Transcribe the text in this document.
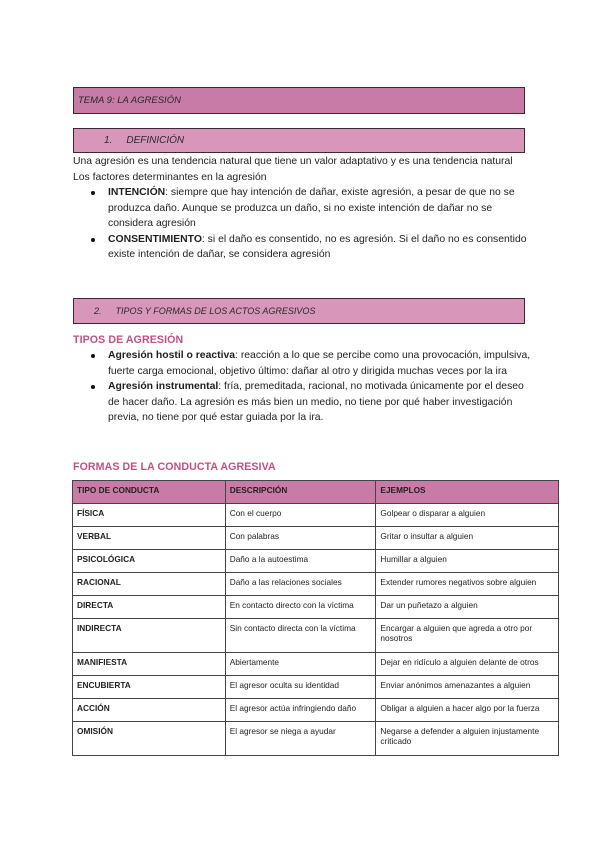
TEMA 9: LA AGRESIÓN
1. DEFINICIÓN
Una agresión es una tendencia natural que tiene un valor adaptativo y es una tendencia natural
Los factores determinantes en la agresión
INTENCIÓN: siempre que hay intención de dañar, existe agresión, a pesar de que no se produzca daño. Aunque se produzca un daño, si no existe intención de dañar no se considera agresión
CONSENTIMIENTO: si el daño es consentido, no es agresión. Si el daño no es consentido existe intención de dañar, se considera agresión
2. TIPOS Y FORMAS DE LOS ACTOS AGRESIVOS
TIPOS DE AGRESIÓN
Agresión hostil o reactiva: reacción a lo que se percibe como una provocación, impulsiva, fuerte carga emocional, objetivo último: dañar al otro y dirigida muchas veces por la ira
Agresión instrumental: fría, premeditada, racional, no motivada únicamente por el deseo de hacer daño. La agresión es más bien un medio, no tiene por qué haber investigación previa, no tiene por qué estar guiada por la ira.
FORMAS DE LA CONDUCTA AGRESIVA
TIPO DE CONDUCTA	DESCRIPCIÓN	EJEMPLOS
FÍSICA	Con el cuerpo	Golpear o disparar a alguien
VERBAL	Con palabras	Gritar o insultar a alguien
PSICOLÓGICA	Daño a la autoestima	Humillar a alguien
RACIONAL	Daño a las relaciones sociales	Extender rumores negativos sobre alguien
DIRECTA	En contacto directo con la víctima	Dar un puñetazo a alguien
INDIRECTA	Sin contacto directa con la víctima	Encargar a alguien que agreda a otro por nosotros
MANIFIESTA	Abiertamente	Dejar en ridículo a alguien delante de otros
ENCUBIERTA	El agresor oculta su identidad	Enviar anónimos amenazantes a alguien
ACCIÓN	El agresor actúa infringiendo daño	Obligar a alguien a hacer algo por la fuerza
OMISIÓN	El agresor se niega a ayudar	Negarse a defender a alguien injustamente criticado
